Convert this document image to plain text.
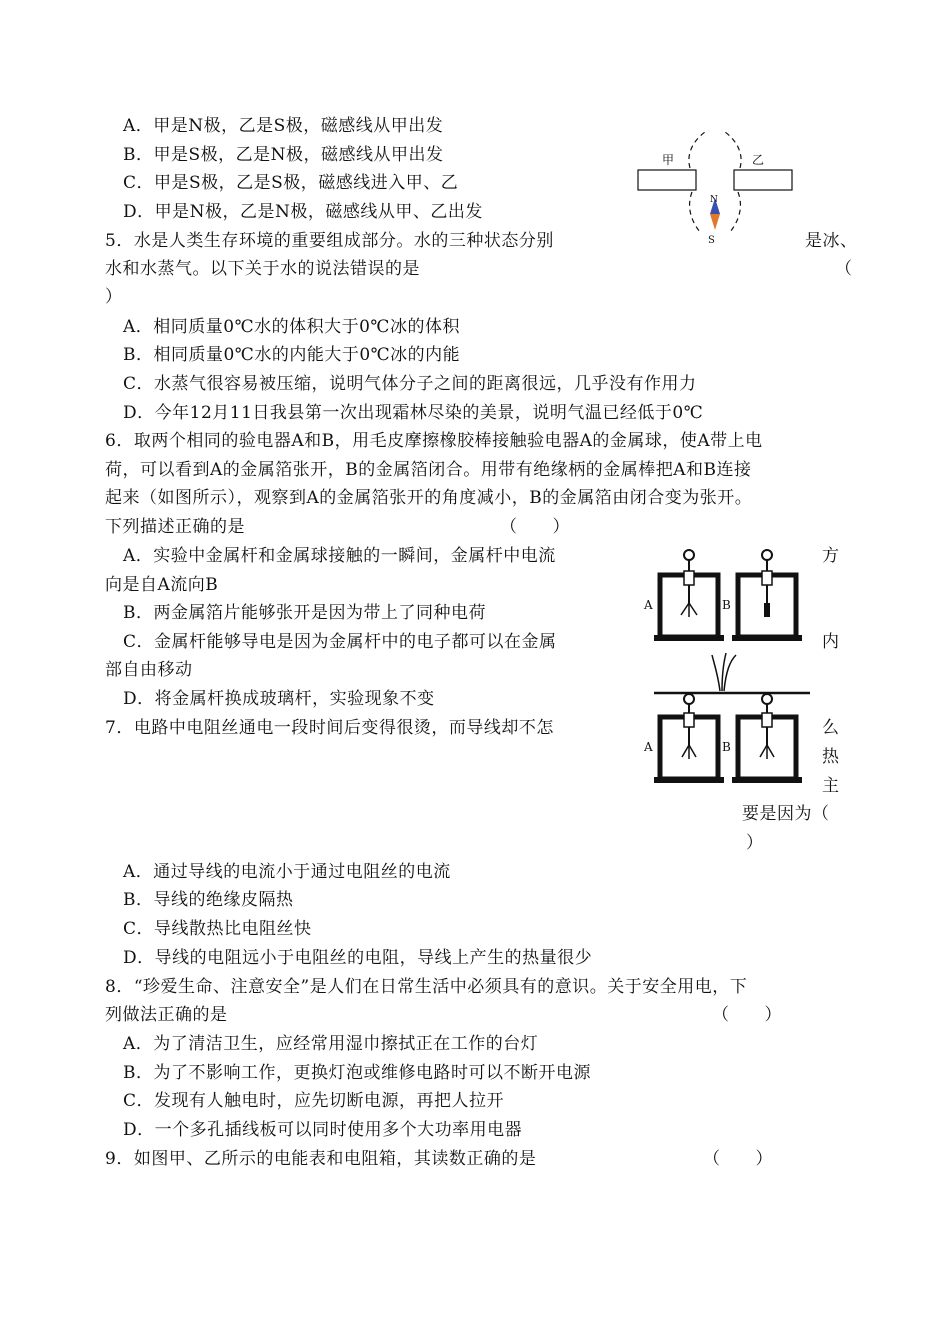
A．甲是N极，乙是S极，磁感线从甲出发
B．甲是S极，乙是N极，磁感线从甲出发
C．甲是S极，乙是S极，磁感线进入甲、乙
D．甲是N极，乙是N极，磁感线从甲、乙出发
甲	乙
N
S
5．水是人类生存环境的重要组成部分。水的三种状态分别	是冰、
水和水蒸气。以下关于水的说法错误的是	（
）
A．相同质量0℃水的体积大于0℃冰的体积
B．相同质量0℃水的内能大于0℃冰的内能
C．水蒸气很容易被压缩，说明气体分子之间的距离很远，几乎没有作用力
D．今年12月11日我县第一次出现霜林尽染的美景，说明气温已经低于0℃
6．取两个相同的验电器A和B，用毛皮摩擦橡胶棒接触验电器A的金属球，使A带上电
荷，可以看到A的金属箔张开，B的金属箔闭合。用带有绝缘柄的金属棒把A和B连接
起来（如图所示），观察到A的金属箔张开的角度减小，B的金属箔由闭合变为张开。
下列描述正确的是	（　　）
A．实验中金属杆和金属球接触的一瞬间，金属杆中电流	方
向是自A流向B
B．两金属箔片能够张开是因为带上了同种电荷
C．金属杆能够导电是因为金属杆中的电子都可以在金属	内
部自由移动
D．将金属杆换成玻璃杆，实验现象不变
A	B
A	B
7．电路中电阻丝通电一段时间后变得很烫，而导线却不怎	么
热
主
要是因为（
）
A．通过导线的电流小于通过电阻丝的电流
B．导线的绝缘皮隔热
C．导线散热比电阻丝快
D．导线的电阻远小于电阻丝的电阻，导线上产生的热量很少
8．“珍爱生命、注意安全”是人们在日常生活中必须具有的意识。关于安全用电，下
列做法正确的是	（　　）
A．为了清洁卫生，应经常用湿巾擦拭正在工作的台灯
B．为了不影响工作，更换灯泡或维修电路时可以不断开电源
C．发现有人触电时，应先切断电源，再把人拉开
D．一个多孔插线板可以同时使用多个大功率用电器
9．如图甲、乙所示的电能表和电阻箱，其读数正确的是	（　　）
